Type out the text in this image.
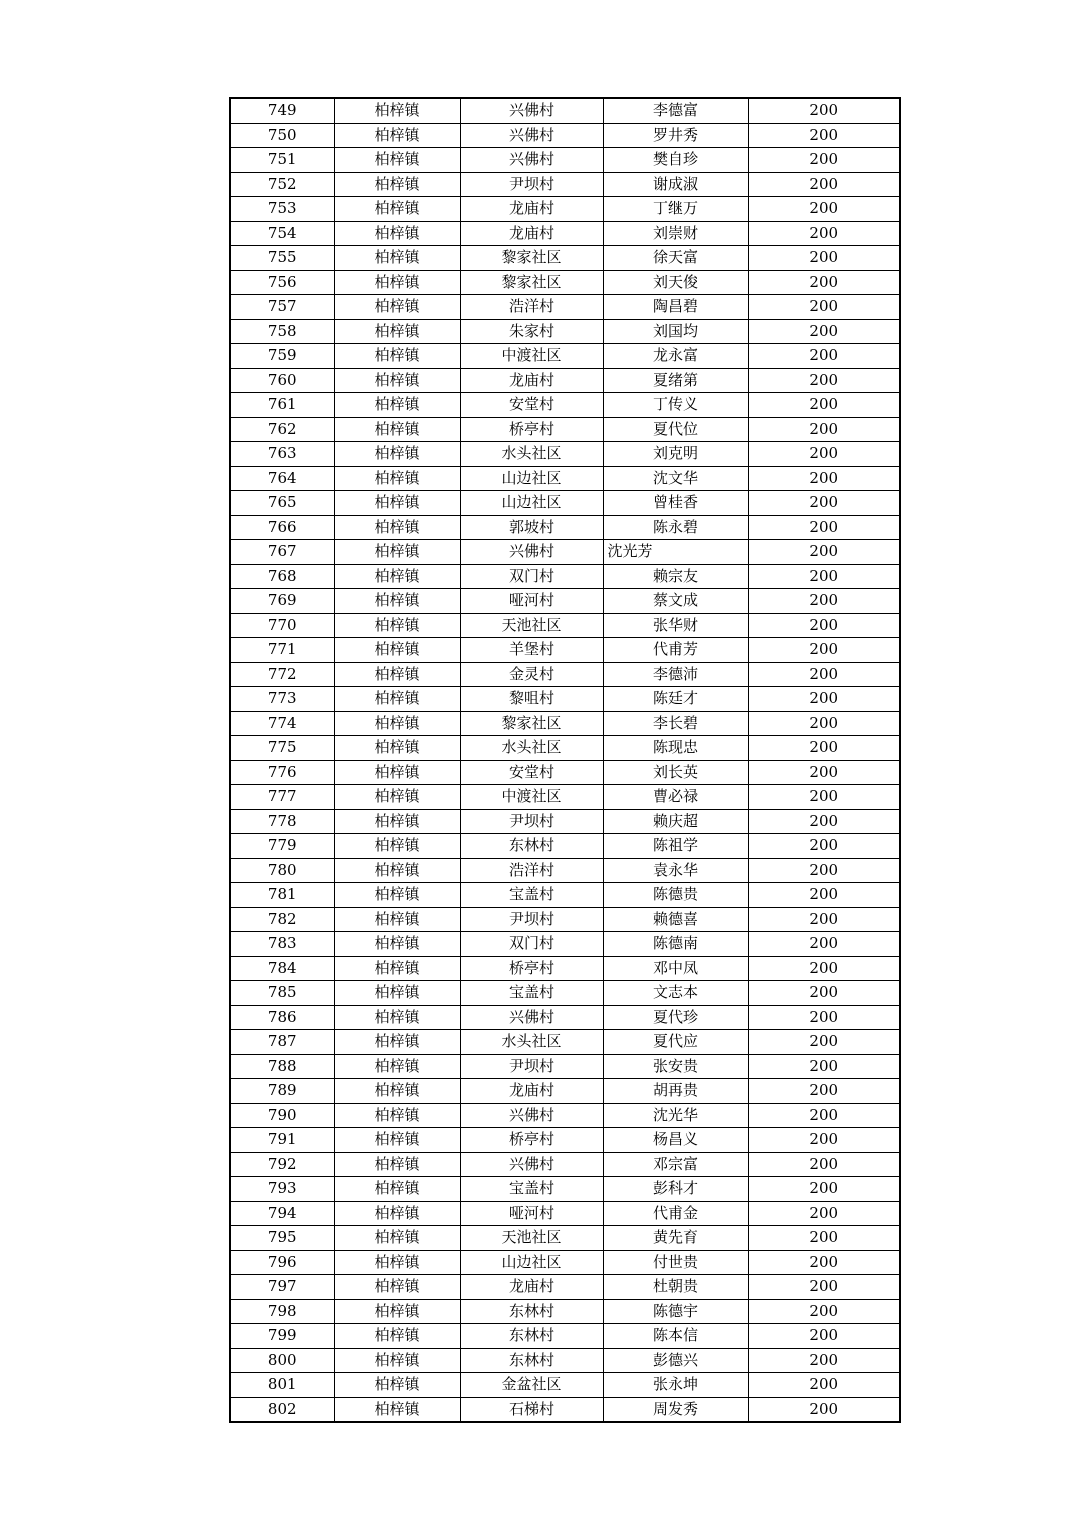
749	柏梓镇	兴佛村	李德富	200
750	柏梓镇	兴佛村	罗井秀	200
751	柏梓镇	兴佛村	樊自珍	200
752	柏梓镇	尹坝村	谢成淑	200
753	柏梓镇	龙庙村	丁继万	200
754	柏梓镇	龙庙村	刘崇财	200
755	柏梓镇	黎家社区	徐天富	200
756	柏梓镇	黎家社区	刘天俊	200
757	柏梓镇	浩洋村	陶昌碧	200
758	柏梓镇	朱家村	刘国均	200
759	柏梓镇	中渡社区	龙永富	200
760	柏梓镇	龙庙村	夏绪第	200
761	柏梓镇	安堂村	丁传义	200
762	柏梓镇	桥亭村	夏代位	200
763	柏梓镇	水头社区	刘克明	200
764	柏梓镇	山边社区	沈文华	200
765	柏梓镇	山边社区	曾桂香	200
766	柏梓镇	郭坡村	陈永碧	200
767	柏梓镇	兴佛村	沈光芳	200
768	柏梓镇	双门村	赖宗友	200
769	柏梓镇	哑河村	蔡文成	200
770	柏梓镇	天池社区	张华财	200
771	柏梓镇	羊堡村	代甫芳	200
772	柏梓镇	金灵村	李德沛	200
773	柏梓镇	黎咀村	陈廷才	200
774	柏梓镇	黎家社区	李长碧	200
775	柏梓镇	水头社区	陈现忠	200
776	柏梓镇	安堂村	刘长英	200
777	柏梓镇	中渡社区	曹必禄	200
778	柏梓镇	尹坝村	赖庆超	200
779	柏梓镇	东林村	陈祖学	200
780	柏梓镇	浩洋村	袁永华	200
781	柏梓镇	宝盖村	陈德贵	200
782	柏梓镇	尹坝村	赖德喜	200
783	柏梓镇	双门村	陈德南	200
784	柏梓镇	桥亭村	邓中凤	200
785	柏梓镇	宝盖村	文志本	200
786	柏梓镇	兴佛村	夏代珍	200
787	柏梓镇	水头社区	夏代应	200
788	柏梓镇	尹坝村	张安贵	200
789	柏梓镇	龙庙村	胡再贵	200
790	柏梓镇	兴佛村	沈光华	200
791	柏梓镇	桥亭村	杨昌义	200
792	柏梓镇	兴佛村	邓宗富	200
793	柏梓镇	宝盖村	彭科才	200
794	柏梓镇	哑河村	代甫金	200
795	柏梓镇	天池社区	黄先育	200
796	柏梓镇	山边社区	付世贵	200
797	柏梓镇	龙庙村	杜朝贵	200
798	柏梓镇	东林村	陈德宇	200
799	柏梓镇	东林村	陈本信	200
800	柏梓镇	东林村	彭德兴	200
801	柏梓镇	金盆社区	张永坤	200
802	柏梓镇	石梯村	周发秀	200
